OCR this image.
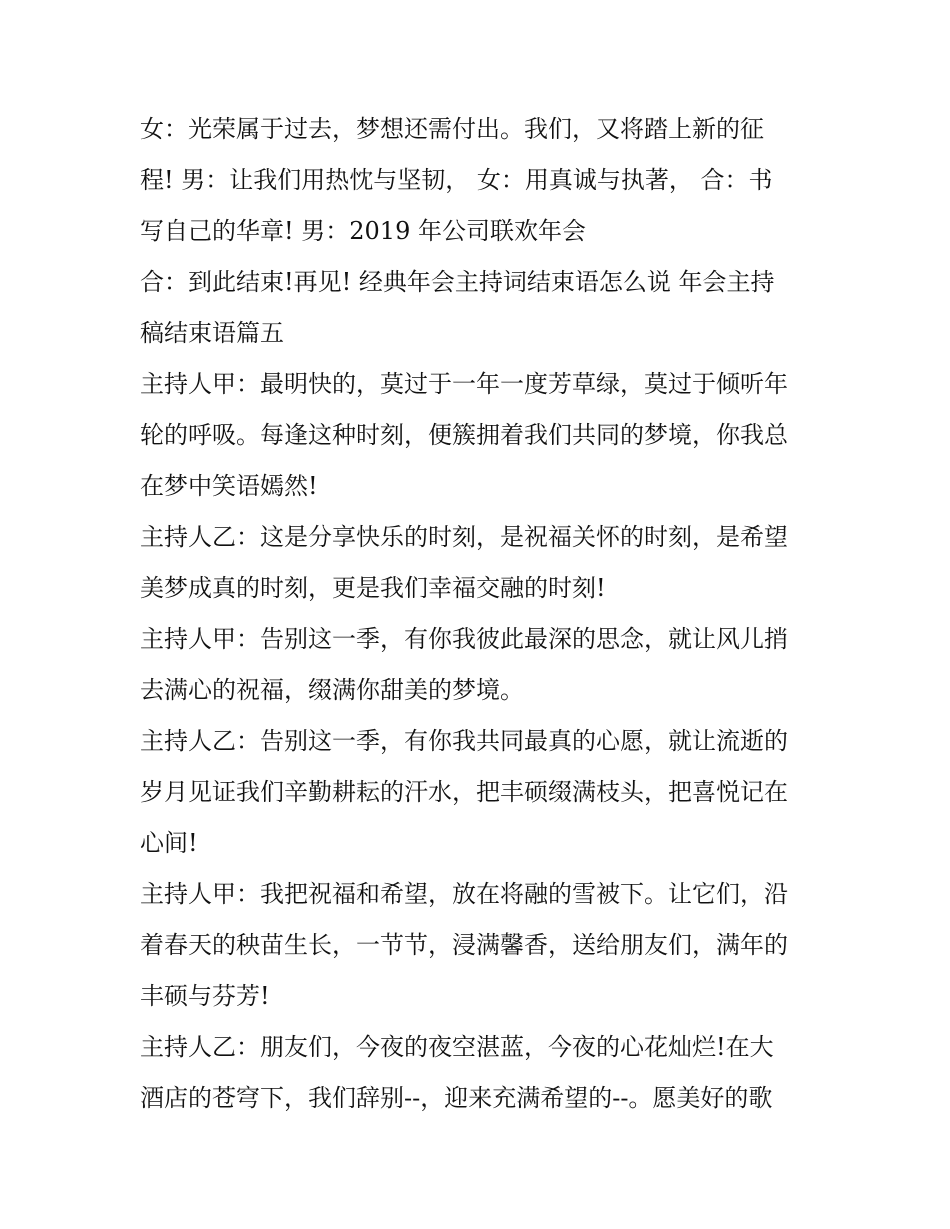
女：光荣属于过去，梦想还需付出。我们，又将踏上新的征
程! 男：让我们用热忱与坚韧， 女：用真诚与执著， 合：书
写自己的华章! 男：2019 年公司联欢年会
合：到此结束!再见! 经典年会主持词结束语怎么说 年会主持
稿结束语篇五
主持人甲：最明快的，莫过于一年一度芳草绿，莫过于倾听年
轮的呼吸。每逢这种时刻，便簇拥着我们共同的梦境，你我总
在梦中笑语嫣然!
主持人乙：这是分享快乐的时刻，是祝福关怀的时刻，是希望
美梦成真的时刻，更是我们幸福交融的时刻!
主持人甲：告别这一季，有你我彼此最深的思念，就让风儿捎
去满心的祝福，缀满你甜美的梦境。
主持人乙：告别这一季，有你我共同最真的心愿，就让流逝的
岁月见证我们辛勤耕耘的汗水，把丰硕缀满枝头，把喜悦记在
心间!
主持人甲：我把祝福和希望，放在将融的雪被下。让它们，沿
着春天的秧苗生长，一节节，浸满馨香，送给朋友们，满年的
丰硕与芬芳!
主持人乙：朋友们，今夜的夜空湛蓝，今夜的心花灿烂!在大
酒店的苍穹下，我们辞别--，迎来充满希望的--。愿美好的歌
